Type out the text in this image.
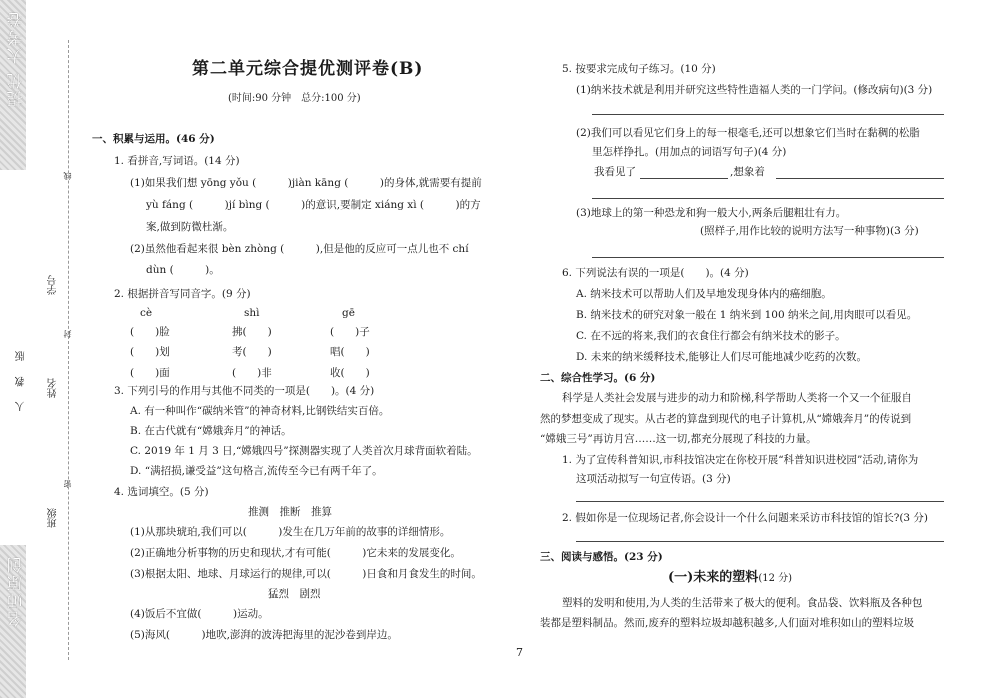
提优 大考卷
名师原创
人 教 版
学号
姓名
班级
线
封
密
第二单元综合提优测评卷(B)
(时间:90 分钟　总分:100 分)
一、积累与运用。(46 分)
1. 看拼音,写词语。(14 分)
(1)如果我们想 yōng yǒu (　　　)jiàn kāng (　　　)的身体,就需要有提前
yù fáng (　　　)jí bìng (　　　)的意识,要制定 xiáng xì (　　　)的方
案,做到防微杜渐。
(2)虽然他看起来很 bèn zhòng (　　　),但是他的反应可一点儿也不 chí
dùn (　　　)。
2. 根据拼音写同音字。(9 分)
cè	shì	gē
(　　)脸	拂(　　)	(　　)子
(　　)划	考(　　)	唱(　　)
(　　)面	(　　)非	收(　　)
3. 下列引号的作用与其他不同类的一项是(　　)。(4 分)
A. 有一种叫作“碳纳米管”的神奇材料,比钢铁结实百倍。
B. 在古代就有“嫦娥奔月”的神话。
C. 2019 年 1 月 3 日,“嫦娥四号”探测器实现了人类首次月球背面软着陆。
D. “满招损,谦受益”这句格言,流传至今已有两千年了。
4. 选词填空。(5 分)
推测　推断　推算
(1)从那块琥珀,我们可以(　　　)发生在几万年前的故事的详细情形。
(2)正确地分析事物的历史和现状,才有可能(　　　)它未来的发展变化。
(3)根据太阳、地球、月球运行的规律,可以(　　　)日食和月食发生的时间。
猛烈　剧烈
(4)饭后不宜做(　　　)运动。
(5)海风(　　　)地吹,澎湃的波涛把海里的泥沙卷到岸边。
5. 按要求完成句子练习。(10 分)
(1)纳米技术就是利用并研究这些特性造福人类的一门学问。(修改病句)(3 分)
(2)我们可以看见它们身上的每一根毫毛,还可以想象它们当时在黏稠的松脂
里怎样挣扎。(用加点的词语写句子)(4 分)
我看见了	,想象着
(3)地球上的第一种恐龙和狗一般大小,两条后腿粗壮有力。
(照样子,用作比较的说明方法写一种事物)(3 分)
6. 下列说法有误的一项是(　　)。(4 分)
A. 纳米技术可以帮助人们及早地发现身体内的癌细胞。
B. 纳米技术的研究对象一般在 1 纳米到 100 纳米之间,用肉眼可以看见。
C. 在不远的将来,我们的衣食住行都会有纳米技术的影子。
D. 未来的纳米缓释技术,能够让人们尽可能地减少吃药的次数。
二、综合性学习。(6 分)
科学是人类社会发展与进步的动力和阶梯,科学帮助人类将一个又一个征服自
然的梦想变成了现实。从古老的算盘到现代的电子计算机,从“嫦娥奔月”的传说到
“嫦娥三号”再访月宫……这一切,都充分展现了科技的力量。
1. 为了宣传科普知识,市科技馆决定在你校开展“科普知识进校园”活动,请你为
这项活动拟写一句宣传语。(3 分)
2. 假如你是一位现场记者,你会设计一个什么问题来采访市科技馆的馆长?(3 分)
三、阅读与感悟。(23 分)
(一)未来的塑料(12 分)
塑料的发明和使用,为人类的生活带来了极大的便利。食品袋、饮料瓶及各种包
装都是塑料制品。然而,废弃的塑料垃圾却越积越多,人们面对堆积如山的塑料垃圾
7
